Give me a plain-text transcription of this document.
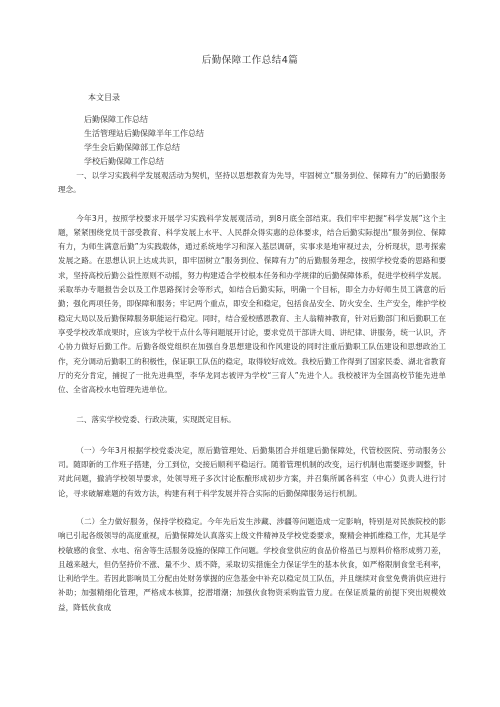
后勤保障工作总结4篇
本文目录
后勤保障工作总结
生活管理站后勤保障半年工作总结
学生会后勤保障部工作总结
学校后勤保障工作总结

一、以学习实践科学发展观活动为契机，坚持以思想教育为先导，牢固树立“服务到位、保障有力”的后勤服务理念。

今年3月，按照学校要求开展学习实践科学发展观活动，到8月底全部结束。我们牢牢把握“科学发展”这个主题，紧紧围绕党员干部受教育、科学发展上水平、人民群众得实惠的总体要求，结合后勤实际提出“服务到位、保障有力，为师生满意后勤”为实践载体，通过系统地学习和深入基层调研，实事求是地审视过去，分析现状，思考探索发展之路。在思想认识上达成共识，即牢固树立“服务到位、保障有力”的后勤服务理念，按照学校党委的思路和要求，坚持高校后勤公益性原则不动摇，努力构建适合学校根本任务和办学规律的后勤保障体系，促进学校科学发展。采取举办专题报告会以及工作思路探讨会等形式，如结合后勤实际，明确一个目标，即全力办好师生员工满意的后勤；强化两项任务，即保障和服务；牢记两个重点，即安全和稳定，包括食品安全、防火安全、生产安全，维护学校稳定大局以及后勤保障服务职能运行稳定。同时，结合爱校感恩教育、主人翁精神教育，针对后勤部门和后勤职工在享受学校改革成果时，应该为学校干点什么等问题展开讨论，要求党员干部讲大局、讲纪律、讲服务，统一认识，齐心协力做好后勤工作。后勤各级党组织在加强自身思想建设和作风建设的同时注重后勤职工队伍建设和思想政治工作，充分调动后勤职工的积极性，保证职工队伍的稳定，取得较好成效。我校后勤工作得到了国家民委、湖北省教育厅的充分肯定，捕捉了一批先进典型，李华龙同志被评为学校“三育人”先进个人。我校被评为全国高校节能先进单位、全省高校水电管理先进单位。

二、落实学校党委、行政决策，实现既定目标。

（一）今年3月根据学校党委决定，原后勤管理处、后勤集团合并组建后勤保障处，代管校医院、劳动服务公司。随即新的工作班子搭建，分工到位，交接后顺利平稳运行。随着管理机制的改变，运行机制也需要逐步调整，针对此问题，撤消学校领导要求，处领导班子多次讨论酝酿形成初步方案，并召集所属各科室（中心）负责人进行讨论，寻求破解难题的有效方法，构建有利于科学发展并符合实际的后勤保障服务运行机制。

（二）全力做好服务，保持学校稳定。今年先后发生涉藏、涉疆等问题造成一定影响，特别是对民族院校的影响已引起各级领导的高度重视，后勤保障处认真落实上级文件精神及学校党委要求，聚精会神抓维稳工作，尤其是学校敏感的食堂、水电、宿舍等生活服务设施的保障工作问题。学校食堂供应的食品价格虽已与原料价格形成剪刀差，且越来越大，但仍坚持价不涨、量不少、质不降，采取切实措施全力保证学生的基本伙食，如严格限制食堂毛利率，让利给学生。若因此影响员工分配由处财务掌握的应急基金中补充以稳定员工队伍，并且继续对食堂免费消供应进行补助；加强精细化管理，严格成本核算，挖潜增潮；加强伙食物资采购监管力度。在保证质量的前提下突出规模效益，降低伙食成
